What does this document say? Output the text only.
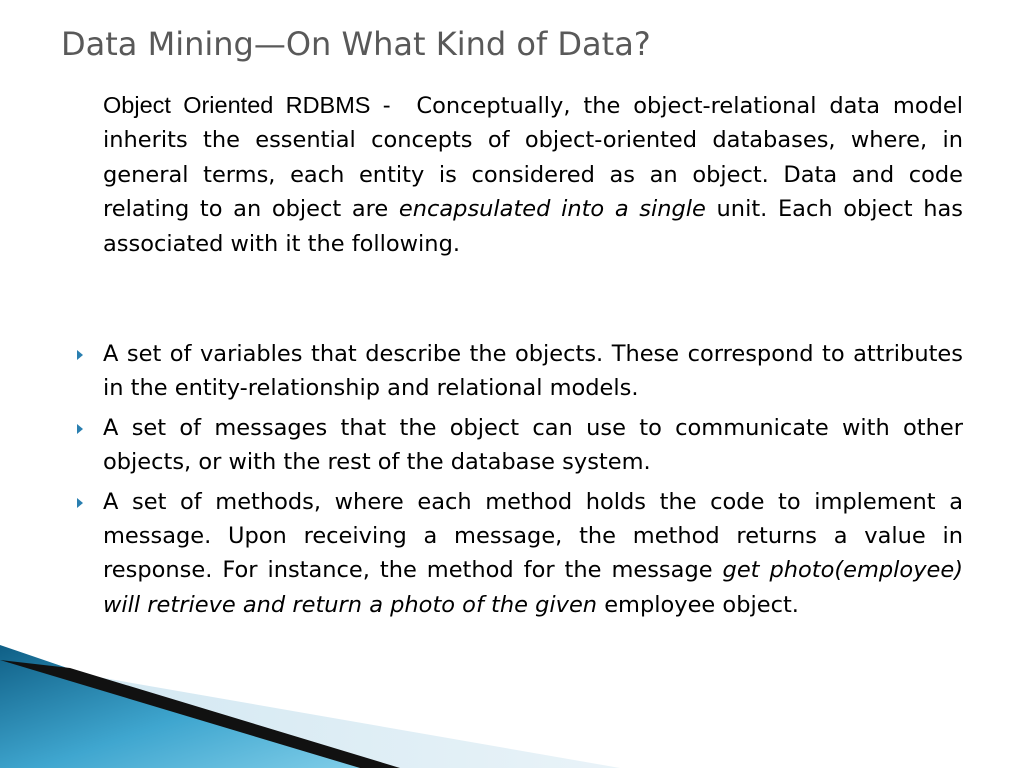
Data Mining—On What Kind of Data?

Object Oriented RDBMS - Conceptually, the object-relational data model inherits the essential concepts of object-oriented databases, where, in general terms, each entity is considered as an object. Data and code relating to an object are encapsulated into a single unit. Each object has associated with it the following.

A set of variables that describe the objects. These correspond to attributes in the entity-relationship and relational models.
A set of messages that the object can use to communicate with other objects, or with the rest of the database system.
A set of methods, where each method holds the code to implement a message. Upon receiving a message, the method returns a value in response. For instance, the method for the message get photo(employee) will retrieve and return a photo of the given employee object.
